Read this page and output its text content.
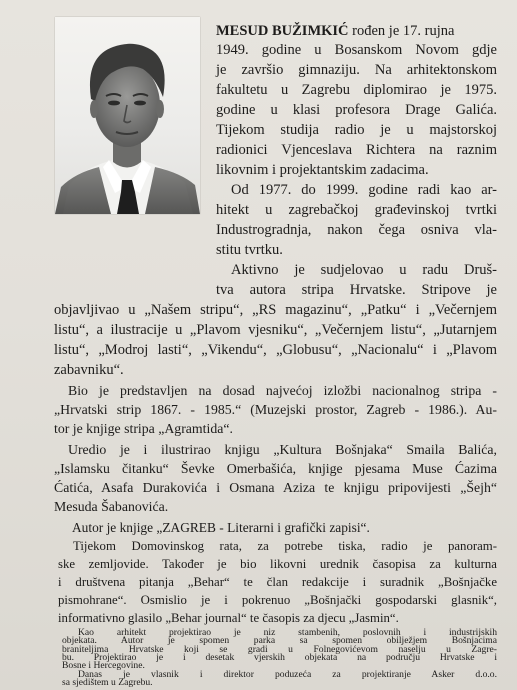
MESUD BUŽIMKIĆ rođen je 17. rujna
1949. godine u Bosanskom Novom gdje
je završio gimnaziju. Na arhitektonskom
fakultetu u Zagrebu diplomirao je 1975.
godine u klasi profesora Drage Galića.
Tijekom studija radio je u majstorskoj
radionici Vjenceslava Richtera na raznim
likovnim i projektantskim zadacima.
Od 1977. do 1999. godine radi kao ar-
hitekt u zagrebačkoj građevinskoj tvrtki
Industrogradnja, nakon čega osniva vla-
stitu tvrtku.
Aktivno je sudjelovao u radu Druš-
tva autora stripa Hrvatske. Stripove je
objavljivao u „Našem stripu“, „RS magazinu“, „Patku“ i „Večernjem
listu“, a ilustracije u „Plavom vjesniku“, „Večernjem listu“, „Jutarnjem
listu“, „Modroj lasti“, „Vikendu“, „Globusu“, „Nacionalu“ i „Plavom
zabavniku“.
Bio je predstavljen na dosad najvećoj izložbi nacionalnog stripa -
„Hrvatski strip 1867. - 1985.“ (Muzejski prostor, Zagreb - 1986.). Au-
tor je knjige stripa „Agramtida“.
Uredio je i ilustrirao knjigu „Kultura Bošnjaka“ Smaila Balića,
„Islamsku čitanku“ Ševke Omerbašića, knjige pjesama Muse Ćazima
Ćatića, Asafa Durakovića i Osmana Aziza te knjigu pripovijesti „Šejh“
Mesuda Šabanovića.
Autor je knjige „ZAGREB - Literarni i grafički zapisi“.
Tijekom Domovinskog rata, za potrebe tiska, radio je panoram-
ske zemljovide. Također je bio likovni urednik časopisa za kulturna
i društvena pitanja „Behar“ te član redakcije i suradnik „Bošnjačke
pismohrane“. Osmislio je i pokrenuo „Bošnjački gospodarski glasnik“,
informativno glasilo „Behar journal“ te časopis za djecu „Jasmin“.
Kao arhitekt projektirao je niz stambenih, poslovnih i industrijskih
objekata. Autor je spomen parka sa spomen obilježjem Bošnjacima
braniteljima Hrvatske koji se gradi u Folnegovićevom naselju u Zagre-
bu. Projektirao je i desetak vjerskih objekata na području Hrvatske i
Bosne i Hercegovine.
Danas je vlasnik i direktor poduzeća za projektiranje Asker d.o.o.
sa sjedištem u Zagrebu.
